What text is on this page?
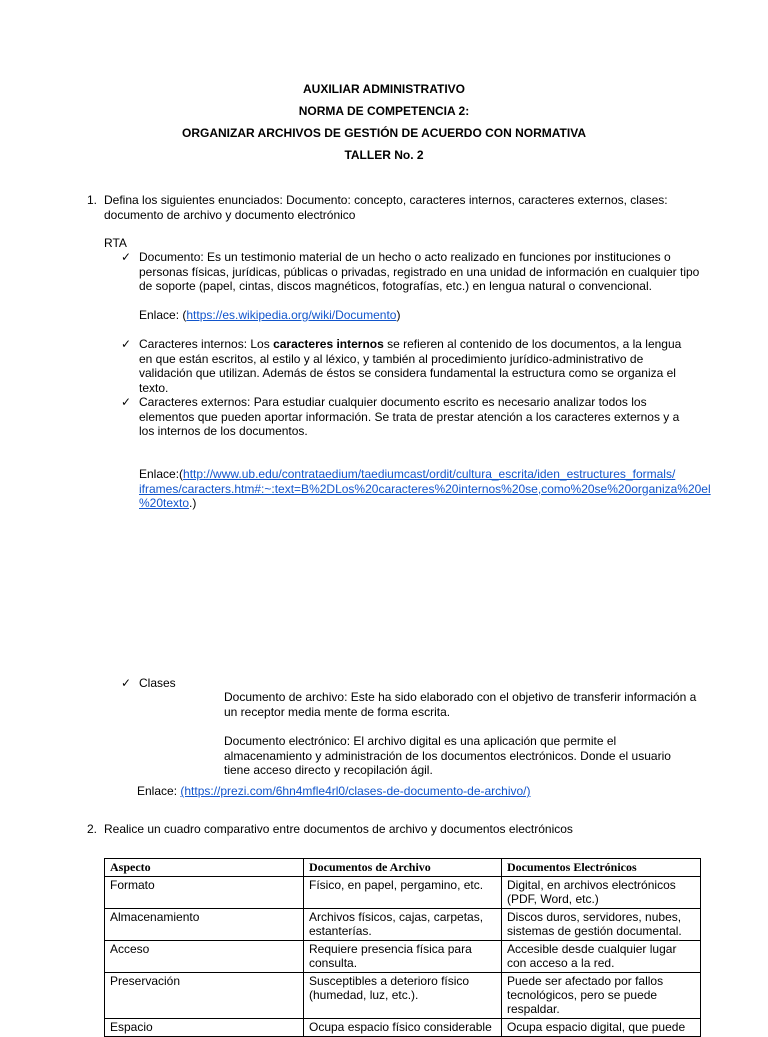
AUXILIAR ADMINISTRATIVO
NORMA DE COMPETENCIA 2:
ORGANIZAR ARCHIVOS DE GESTIÓN DE ACUERDO CON NORMATIVA
TALLER No. 2
1. Defina los siguientes enunciados: Documento: concepto, caracteres internos, caracteres externos, clases: documento de archivo y documento electrónico
RTA
✓ Documento: Es un testimonio material de un hecho o acto realizado en funciones por instituciones o personas físicas, jurídicas, públicas o privadas, registrado en una unidad de información en cualquier tipo de soporte (papel, cintas, discos magnéticos, fotografías, etc.) en lengua natural o convencional.
Enlace: (https://es.wikipedia.org/wiki/Documento)
✓ Caracteres internos: Los caracteres internos se refieren al contenido de los documentos, a la lengua en que están escritos, al estilo y al léxico, y también al procedimiento jurídico-administrativo de validación que utilizan. Además de éstos se considera fundamental la estructura como se organiza el texto.
✓ Caracteres externos: Para estudiar cualquier documento escrito es necesario analizar todos los elementos que pueden aportar información. Se trata de prestar atención a los caracteres externos y a los internos de los documentos.
Enlace:(http://www.ub.edu/contrataedium/taediumcast/ordit/cultura_escrita/iden_estructures_formals/
iframes/caracters.htm#:~:text=B%2DLos%20caracteres%20internos%20se,como%20se%20organiza%20el
%20texto.)
✓ Clases
Documento de archivo: Este ha sido elaborado con el objetivo de transferir información a un receptor media mente de forma escrita.
Documento electrónico: El archivo digital es una aplicación que permite el almacenamiento y administración de los documentos electrónicos. Donde el usuario tiene acceso directo y recopilación ágil.
Enlace: (https://prezi.com/6hn4mfle4rl0/clases-de-documento-de-archivo/)
2. Realice un cuadro comparativo entre documentos de archivo y documentos electrónicos
Aspecto	Documentos de Archivo	Documentos Electrónicos
Formato	Físico, en papel, pergamino, etc.	Digital, en archivos electrónicos (PDF, Word, etc.)
Almacenamiento	Archivos físicos, cajas, carpetas, estanterías.	Discos duros, servidores, nubes, sistemas de gestión documental.
Acceso	Requiere presencia física para consulta.	Accesible desde cualquier lugar con acceso a la red.
Preservación	Susceptibles a deterioro físico (humedad, luz, etc.).	Puede ser afectado por fallos tecnológicos, pero se puede respaldar.
Espacio	Ocupa espacio físico considerable	Ocupa espacio digital, que puede
